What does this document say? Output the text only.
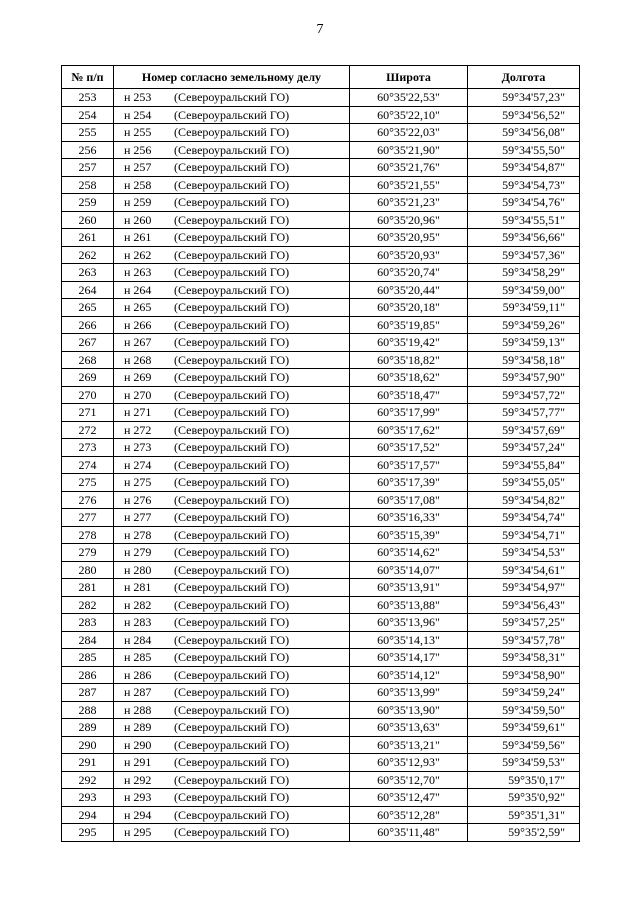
7
№ п/п	Номер согласно земельному делу	Широта	Долгота
253	н 253 (Североуральский ГО)	60°35'22,53"	59°34'57,23"
254	н 254 (Североуральский ГО)	60°35'22,10"	59°34'56,52"
255	н 255 (Североуральский ГО)	60°35'22,03"	59°34'56,08"
256	н 256 (Североуральский ГО)	60°35'21,90"	59°34'55,50"
257	н 257 (Североуральский ГО)	60°35'21,76"	59°34'54,87"
258	н 258 (Североуральский ГО)	60°35'21,55"	59°34'54,73"
259	н 259 (Североуральский ГО)	60°35'21,23"	59°34'54,76"
260	н 260 (Североуральский ГО)	60°35'20,96"	59°34'55,51"
261	н 261 (Североуральский ГО)	60°35'20,95"	59°34'56,66"
262	н 262 (Североуральский ГО)	60°35'20,93"	59°34'57,36"
263	н 263 (Североуральский ГО)	60°35'20,74"	59°34'58,29"
264	н 264 (Североуральский ГО)	60°35'20,44"	59°34'59,00"
265	н 265 (Североуральский ГО)	60°35'20,18"	59°34'59,11"
266	н 266 (Североуральский ГО)	60°35'19,85"	59°34'59,26"
267	н 267 (Североуральский ГО)	60°35'19,42"	59°34'59,13"
268	н 268 (Североуральский ГО)	60°35'18,82"	59°34'58,18"
269	н 269 (Североуральский ГО)	60°35'18,62"	59°34'57,90"
270	н 270 (Североуральский ГО)	60°35'18,47"	59°34'57,72"
271	н 271 (Североуральский ГО)	60°35'17,99"	59°34'57,77"
272	н 272 (Североуральский ГО)	60°35'17,62"	59°34'57,69"
273	н 273 (Североуральский ГО)	60°35'17,52"	59°34'57,24"
274	н 274 (Североуральский ГО)	60°35'17,57"	59°34'55,84"
275	н 275 (Североуральский ГО)	60°35'17,39"	59°34'55,05"
276	н 276 (Североуральский ГО)	60°35'17,08"	59°34'54,82"
277	н 277 (Североуральский ГО)	60°35'16,33"	59°34'54,74"
278	н 278 (Североуральский ГО)	60°35'15,39"	59°34'54,71"
279	н 279 (Североуральский ГО)	60°35'14,62"	59°34'54,53"
280	н 280 (Североуральский ГО)	60°35'14,07"	59°34'54,61"
281	н 281 (Североуральский ГО)	60°35'13,91"	59°34'54,97"
282	н 282 (Североуральский ГО)	60°35'13,88"	59°34'56,43"
283	н 283 (Североуральский ГО)	60°35'13,96"	59°34'57,25"
284	н 284 (Североуральский ГО)	60°35'14,13"	59°34'57,78"
285	н 285 (Североуральский ГО)	60°35'14,17"	59°34'58,31"
286	н 286 (Североуральский ГО)	60°35'14,12"	59°34'58,90"
287	н 287 (Североуральский ГО)	60°35'13,99"	59°34'59,24"
288	н 288 (Североуральский ГО)	60°35'13,90"	59°34'59,50"
289	н 289 (Североуральский ГО)	60°35'13,63"	59°34'59,61"
290	н 290 (Североуральский ГО)	60°35'13,21"	59°34'59,56"
291	н 291 (Североуральский ГО)	60°35'12,93"	59°34'59,53"
292	н 292 (Североуральский ГО)	60°35'12,70"	59°35'0,17"
293	н 293 (Североуральский ГО)	60°35'12,47"	59°35'0,92"
294	н 294 (Севсроуральский ГО)	60°35'12,28"	59°35'1,31"
295	н 295 (Североуральский ГО)	60°35'11,48"	59°35'2,59"
